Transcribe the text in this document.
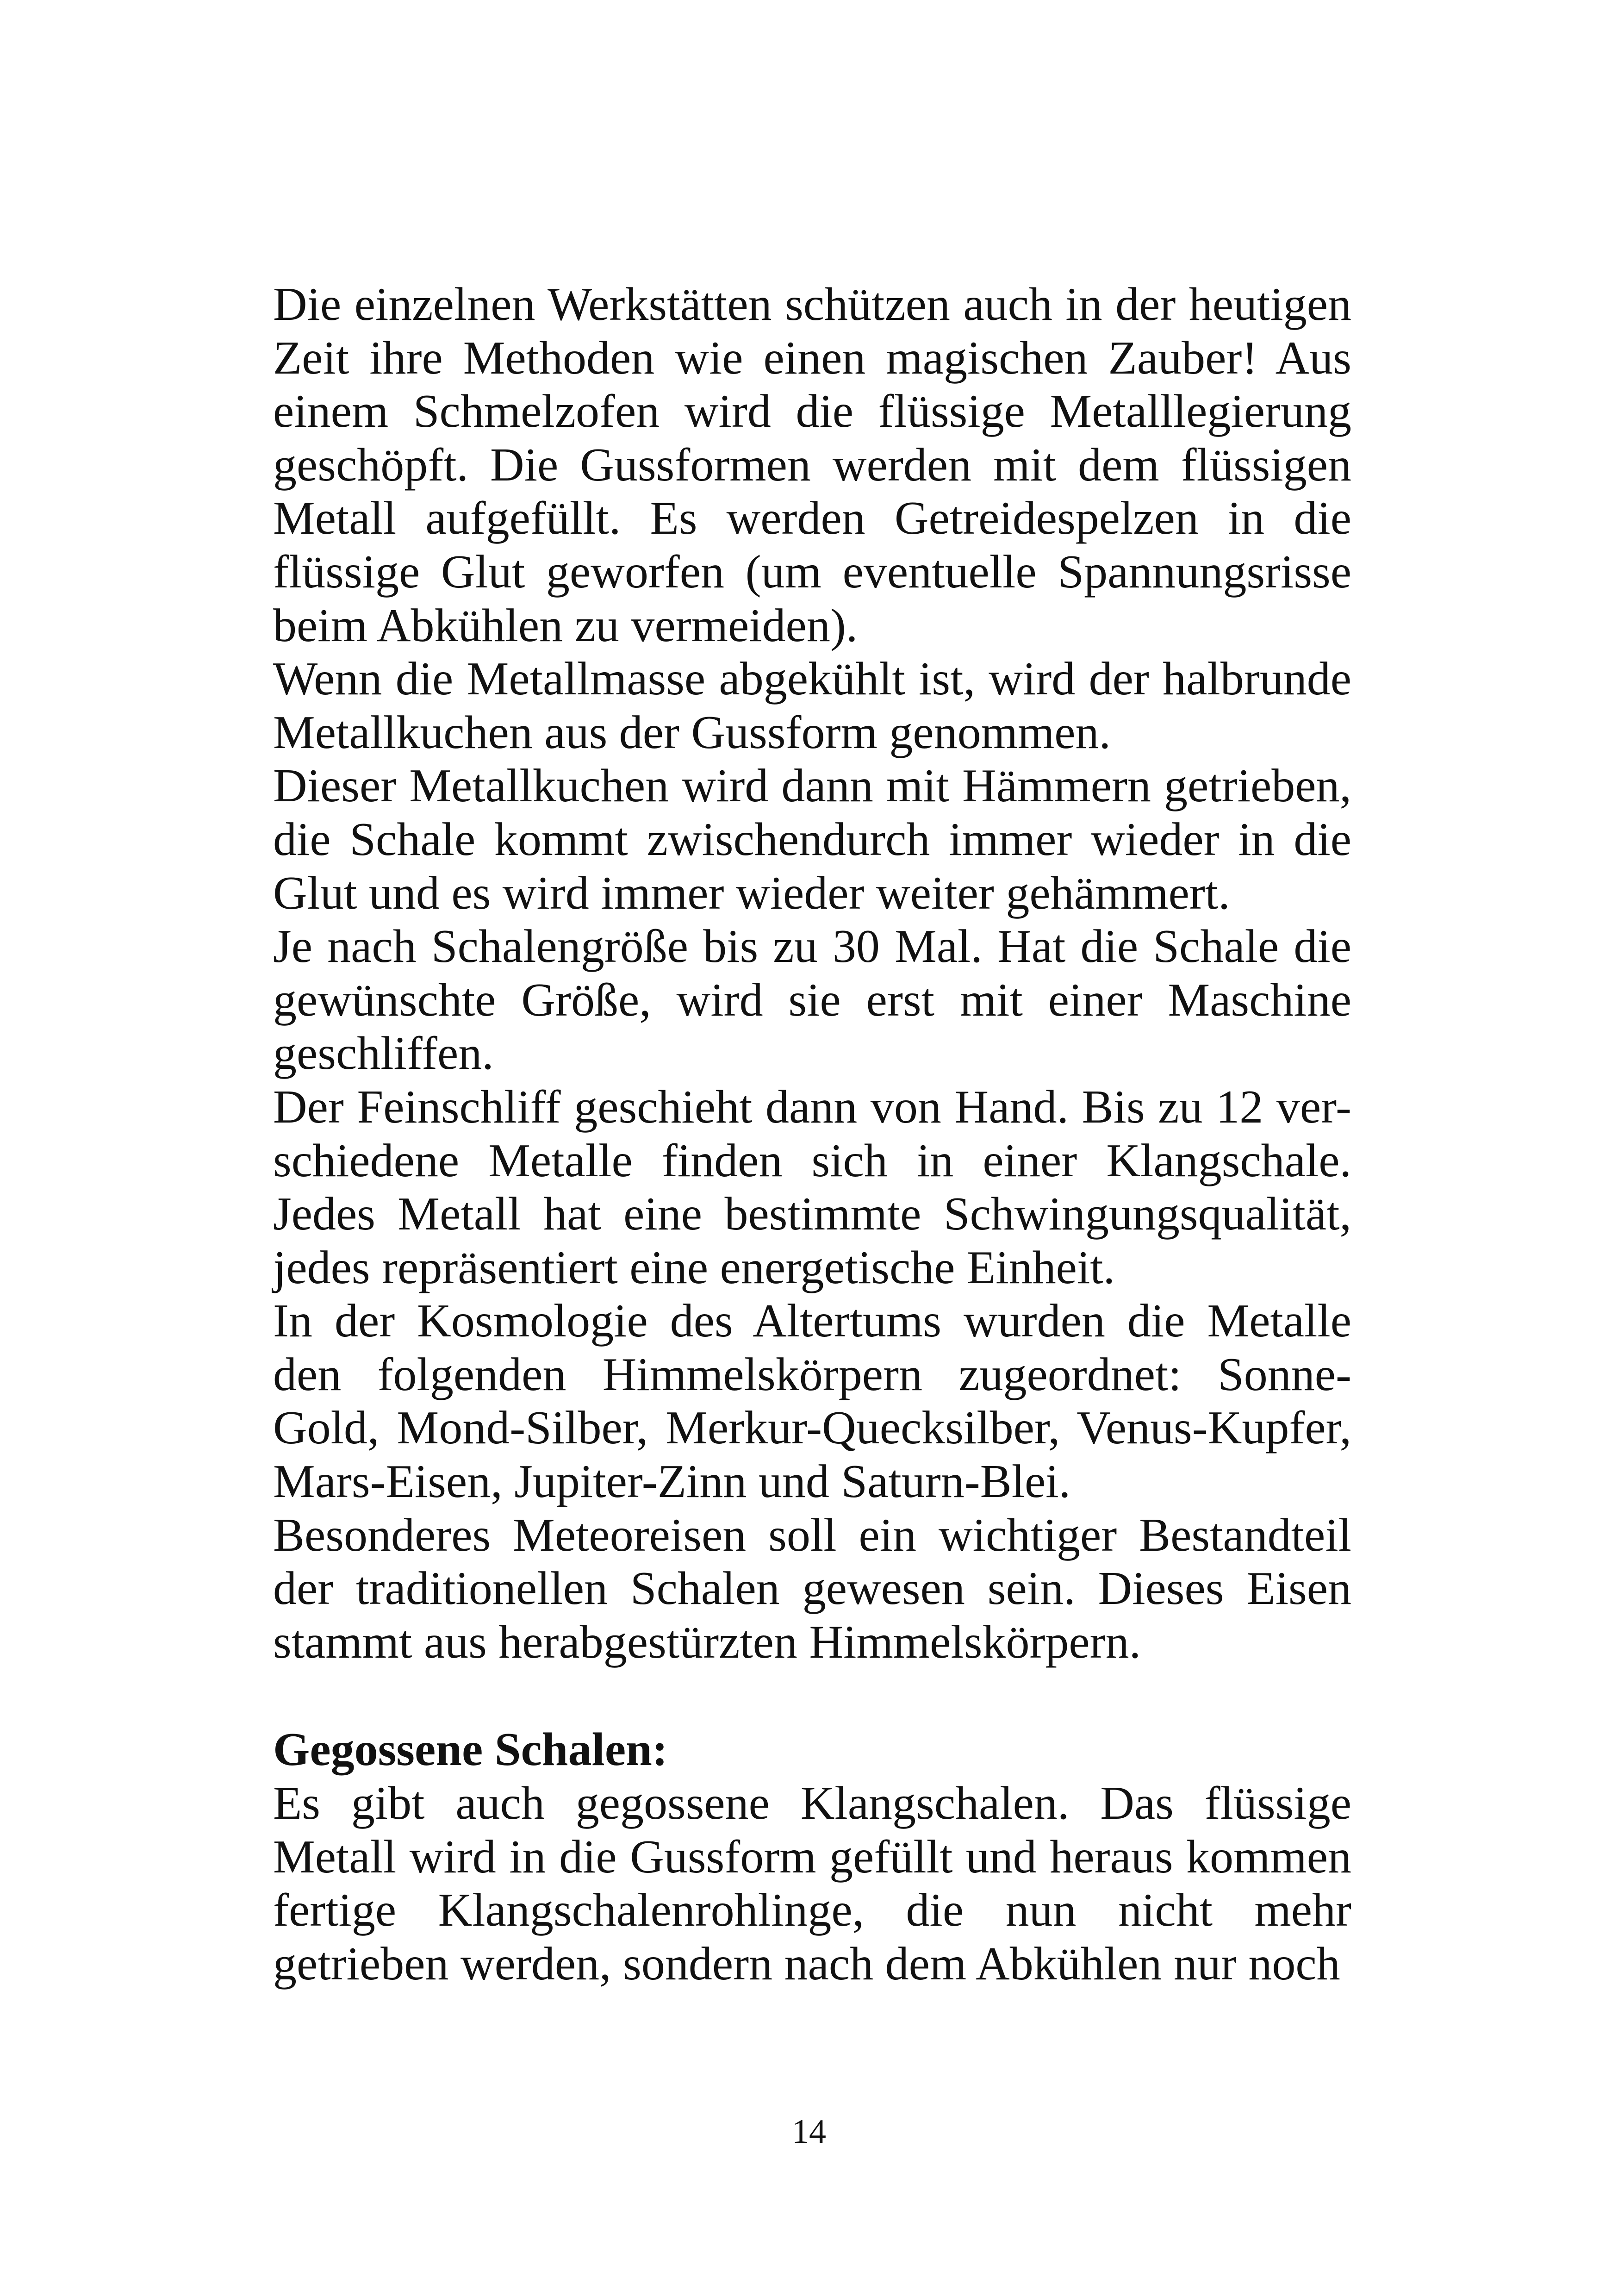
Die einzelnen Werkstätten schützen auch in der heutigen Zeit ihre Methoden wie einen magischen Zauber! Aus einem Schmelzofen wird die flüssige Metalllegierung geschöpft. Die Gussformen werden mit dem flüssigen Metall aufgefüllt. Es werden Getreidespelzen in die flüssige Glut geworfen (um eventuelle Spannungsrisse beim Abkühlen zu vermeiden).

Wenn die Metallmasse abgekühlt ist, wird der halbrunde Metallkuchen aus der Gussform genommen.

Dieser Metallkuchen wird dann mit Hämmern getrieben, die Schale kommt zwischendurch immer wieder in die Glut und es wird immer wieder weiter gehämmert.

Je nach Schalengröße bis zu 30 Mal. Hat die Schale die gewünschte Größe, wird sie erst mit einer Maschine geschliffen.

Der Feinschliff geschieht dann von Hand. Bis zu 12 ver-schiedene Metalle finden sich in einer Klangschale. Jedes Metall hat eine bestimmte Schwingungsqualität, jedes repräsentiert eine energetische Einheit.

In der Kosmologie des Altertums wurden die Metalle den folgenden Himmelskörpern zugeordnet: Sonne-Gold, Mond-Silber, Merkur-Quecksilber, Venus-Kupfer, Mars-Eisen, Jupiter-Zinn und Saturn-Blei.

Besonderes Meteoreisen soll ein wichtiger Bestandteil der traditionellen Schalen gewesen sein. Dieses Eisen stammt aus herabgestürzten Himmelskörpern.

Gegossene Schalen:

Es gibt auch gegossene Klangschalen. Das flüssige Metall wird in die Gussform gefüllt und heraus kommen fertige Klangschalenrohlinge, die nun nicht mehr getrieben werden, sondern nach dem Abkühlen nur noch

14
